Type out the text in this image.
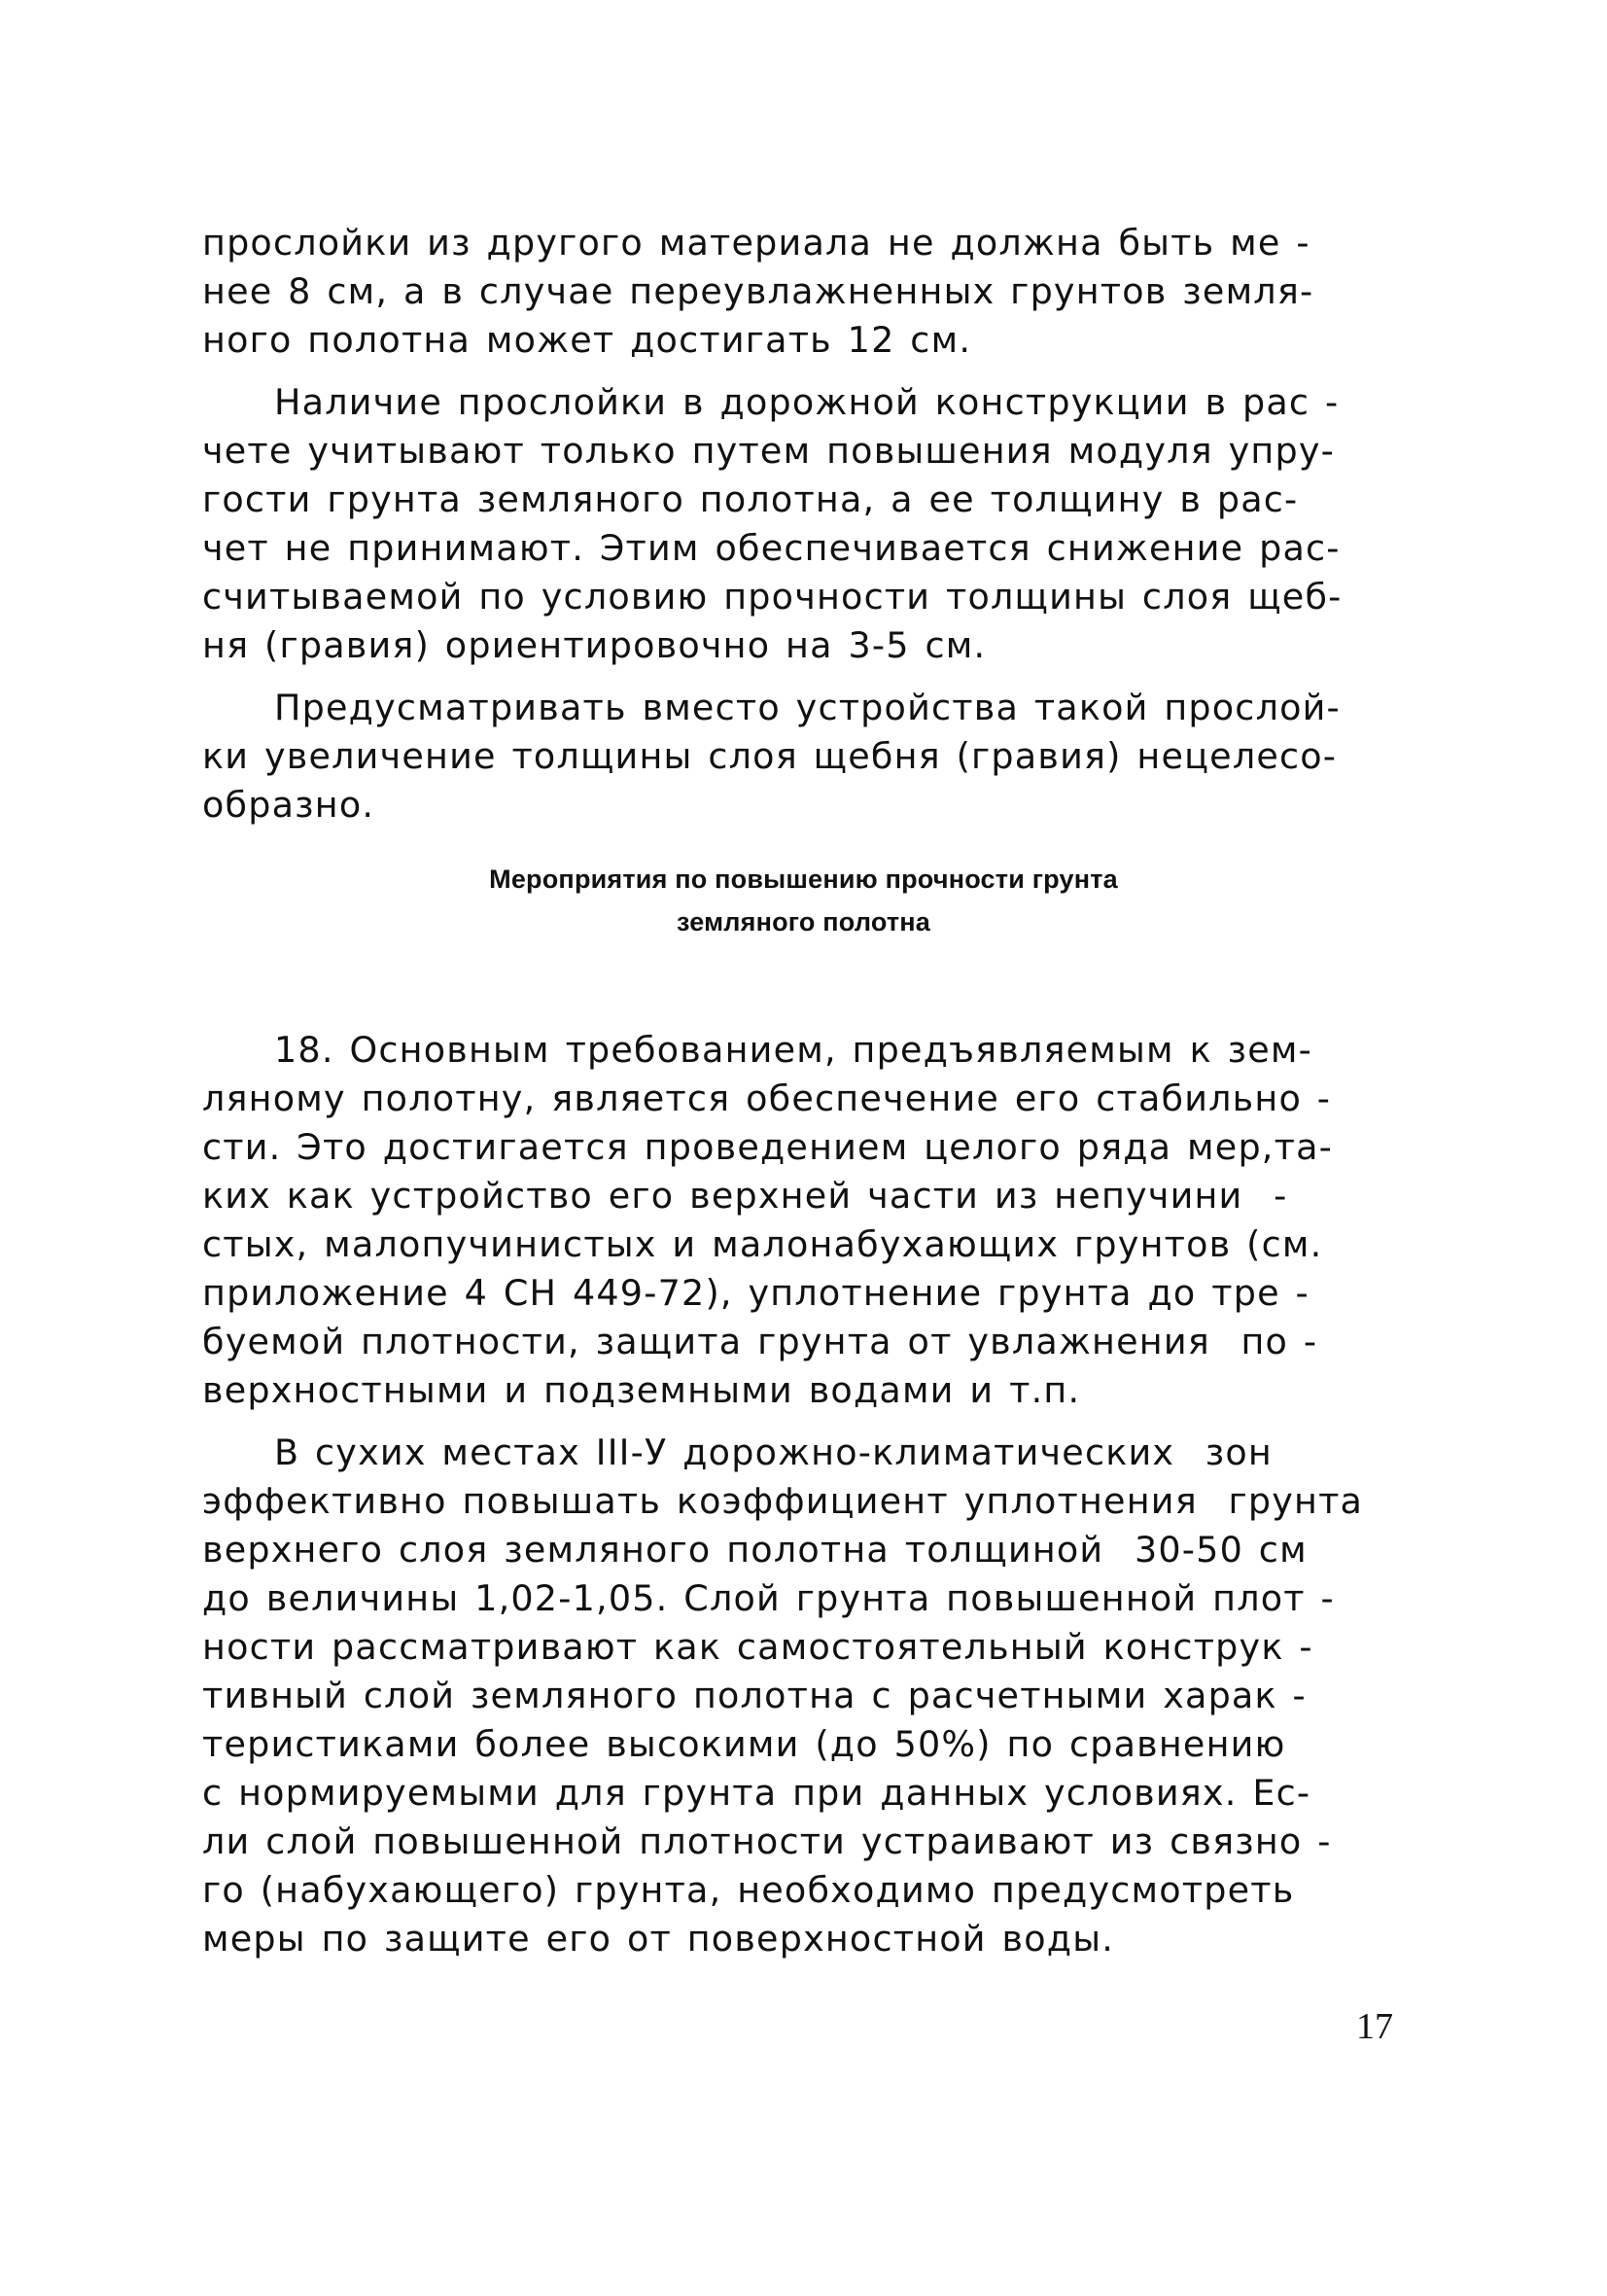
прослойки из другого материала не должна быть ме -
нее 8 см, а в случае переувлажненных грунтов земля-
ного полотна может достигать 12 см.
Наличие прослойки в дорожной конструкции в рас -
чете учитывают только путем повышения модуля упру-
гости грунта земляного полотна, а ее толщину в рас-
чет не принимают. Этим обеспечивается снижение рас-
считываемой по условию прочности толщины слоя щеб-
ня (гравия) ориентировочно на 3-5 см.
Предусматривать вместо устройства такой прослой-
ки увеличение толщины слоя щебня (гравия) нецелесо-
образно.
Мероприятия по повышению прочности грунта
земляного полотна
18. Основным требованием, предъявляемым к зем-
ляному полотну, является обеспечение его стабильно -
сти. Это достигается проведением целого ряда мер,та-
ких как устройство его верхней части из непучини  -
стых, малопучинистых и малонабухающих грунтов (см.
приложение 4 СН 449-72), уплотнение грунта до тре -
буемой плотности, защита грунта от увлажнения  по -
верхностными и подземными водами и т.п.
В сухих местах III-У дорожно-климатических  зон
эффективно повышать коэффициент уплотнения  грунта
верхнего слоя земляного полотна толщиной  30-50 см
до величины 1,02-1,05. Слой грунта повышенной плот -
ности рассматривают как самостоятельный конструк -
тивный слой земляного полотна с расчетными харак -
теристиками более высокими (до 50%) по сравнению
с нормируемыми для грунта при данных условиях. Ес-
ли слой повышенной плотности устраивают из связно -
го (набухающего) грунта, необходимо предусмотреть
меры по защите его от поверхностной воды.
17
